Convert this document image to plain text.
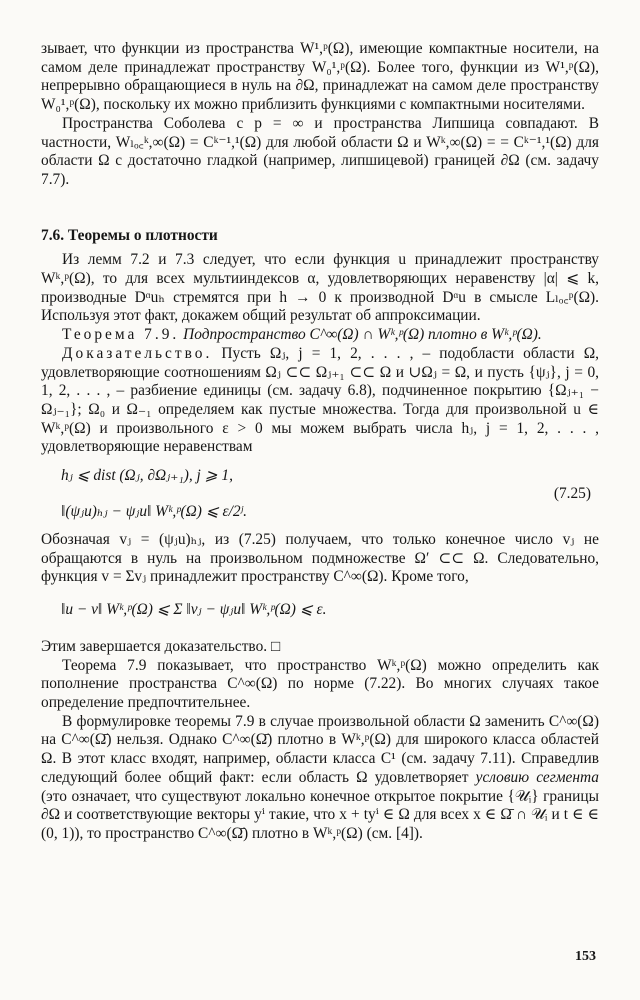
зывает, что функции из пространства W¹,ᵖ(Ω), имеющие компактные носители, на самом деле принадлежат пространству W₀¹,ᵖ(Ω). Более того, функции из W¹,ᵖ(Ω), непрерывно обращающиеся в нуль на ∂Ω, принадлежат на самом деле пространству W₀¹,ᵖ(Ω), поскольку их можно приблизить функциями с компактными носителями.

Пространства Соболева с p = ∞ и пространства Липшица совпадают. В частности, Wₗₒ꜀ᵏ,∞(Ω) = Cᵏ⁻¹,¹(Ω) для любой области Ω и Wᵏ,∞(Ω) = = Cᵏ⁻¹,¹(Ω) для области Ω с достаточно гладкой (например, липшицевой) границей ∂Ω (см. задачу 7.7).

7.6. Теоремы о плотности

Из лемм 7.2 и 7.3 следует, что если функция u принадлежит пространству Wᵏ,ᵖ(Ω), то для всех мультииндексов α, удовлетворяющих неравенству |α| ⩽ k, производные Dᵅuₕ стремятся при h → 0 к производной Dᵅu в смысле Lₗₒ꜀ᵖ(Ω). Используя этот факт, докажем общий результат об аппроксимации.

Теорема 7.9. Подпространство C^∞(Ω) ∩ Wᵏ,ᵖ(Ω) плотно в Wᵏ,ᵖ(Ω).

Доказательство. Пусть Ωⱼ, j = 1, 2, . . . , – подобласти области Ω, удовлетворяющие соотношениям Ωⱼ ⊂⊂ Ωⱼ₊₁ ⊂⊂ Ω и ∪Ωⱼ = Ω, и пусть {ψⱼ}, j = 0, 1, 2, . . . , – разбиение единицы (см. задачу 6.8), подчиненное покрытию {Ωⱼ₊₁ − Ωⱼ₋₁}; Ω₀ и Ω₋₁ определяем как пустые множества. Тогда для произвольной u ∈ Wᵏ,ᵖ(Ω) и произвольного ε > 0 мы можем выбрать числа hⱼ, j = 1, 2, . . . , удовлетворяющие неравенствам

hⱼ ⩽ dist (Ωⱼ, ∂Ωⱼ₊₁), j ⩾ 1,
‖(ψⱼu)ₕⱼ − ψⱼu‖ Wᵏ,ᵖ(Ω) ⩽ ε/2ʲ.
(7.25)

Обозначая vⱼ = (ψⱼu)ₕⱼ, из (7.25) получаем, что только конечное число vⱼ не обращаются в нуль на произвольном подмножестве Ω′ ⊂⊂ Ω. Следовательно, функция v = Σvⱼ принадлежит пространству C^∞(Ω). Кроме того,

‖u − v‖ Wᵏ,ᵖ(Ω) ⩽ Σ ‖vⱼ − ψⱼu‖ Wᵏ,ᵖ(Ω) ⩽ ε.

Этим завершается доказательство. □

Теорема 7.9 показывает, что пространство Wᵏ,ᵖ(Ω) можно определить как пополнение пространства C^∞(Ω) по норме (7.22). Во многих случаях такое определение предпочтительнее.

В формулировке теоремы 7.9 в случае произвольной области Ω заменить C^∞(Ω) на C^∞(Ω̄) нельзя. Однако C^∞(Ω̄) плотно в Wᵏ,ᵖ(Ω) для широкого класса областей Ω. В этот класс входят, например, области класса C¹ (см. задачу 7.11). Справедлив следующий более общий факт: если область Ω удовлетворяет условию сегмента (это означает, что существуют локально конечное открытое покрытие {𝒰ᵢ} границы ∂Ω и соответствующие векторы yⁱ такие, что x + tyⁱ ∈ Ω для всех x ∈ Ω̄ ∩ 𝒰ᵢ и t ∈ ∈ (0, 1)), то пространство C^∞(Ω̄) плотно в Wᵏ,ᵖ(Ω) (см. [4]).

153
